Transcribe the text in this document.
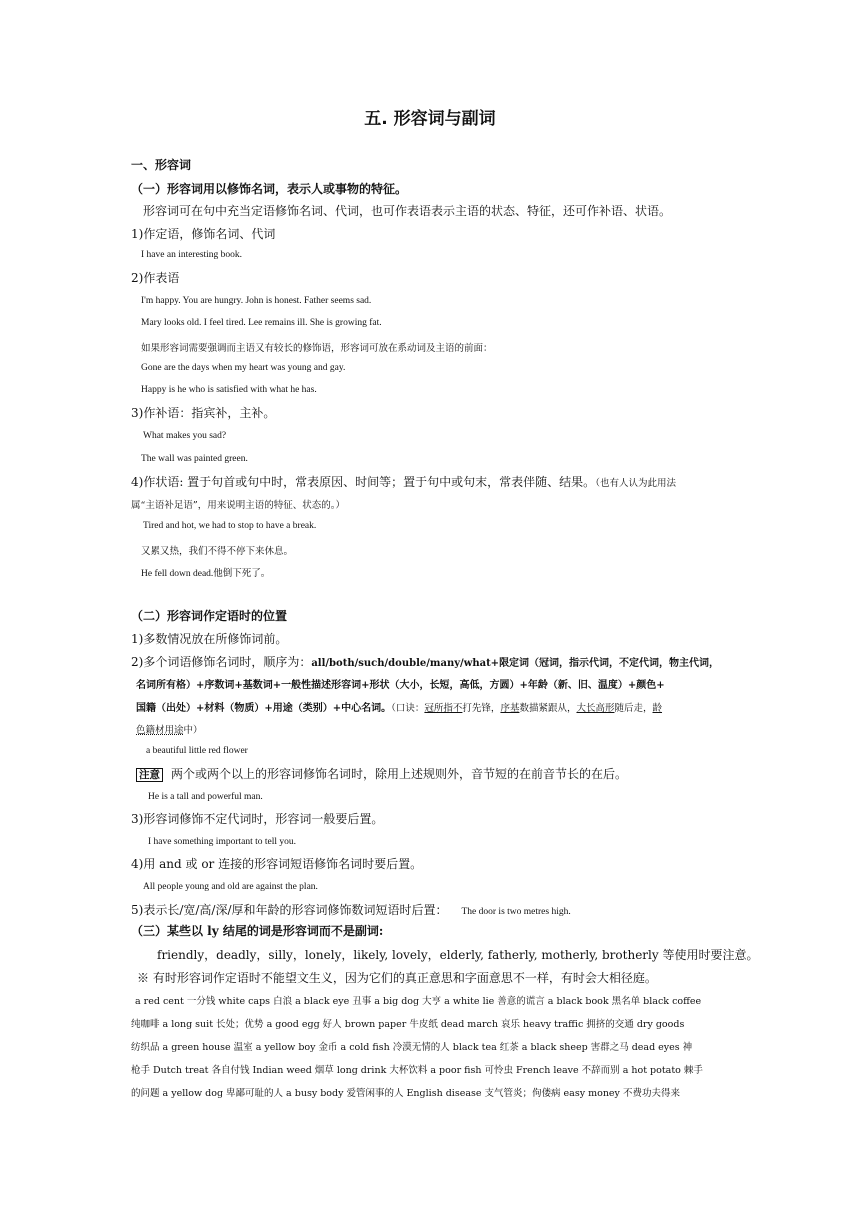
五. 形容词与副词
一、形容词
（一）形容词用以修饰名词，表示人或事物的特征。
形容词可在句中充当定语修饰名词、代词，也可作表语表示主语的状态、特征，还可作补语、状语。
1)作定语，修饰名词、代词
I have an interesting book.
2)作表语
I'm happy. You are hungry. John is honest. Father seems sad.
Mary looks old. I feel tired. Lee remains ill. She is growing fat.
如果形容词需要强调而主语又有较长的修饰语，形容词可放在系动词及主语的前面：
Gone are the days when my heart was young and gay.
Happy is he who is satisfied with what he has.
3)作补语：指宾补，主补。
What makes you sad?
The wall was painted green.
4)作状语: 置于句首或句中时，常表原因、时间等；置于句中或句末，常表伴随、结果。（也有人认为此用法
属“主语补足语”，用来说明主语的特征、状态的。）
Tired and hot, we had to stop to have a break.
又累又热，我们不得不停下来休息。
He fell down dead.他倒下死了。
（二）形容词作定语时的位置
1)多数情况放在所修饰词前。
2)多个词语修饰名词时，顺序为：all/both/such/double/many/what+限定词（冠词，指示代词，不定代词，物主代词，
名词所有格）+序数词+基数词+一般性描述形容词+形状（大小，长短，高低，方圆）+年龄（新、旧、温度）+颜色+
国籍（出处）+材料（物质）+用途（类别）+中心名词。（口诀：冠所指不打先锋，序基数描紧跟从，大长高形随后走，龄
色籍材用途中）
a beautiful little red flower
注意 两个或两个以上的形容词修饰名词时，除用上述规则外，音节短的在前音节长的在后。
He is a tall and powerful man.
3)形容词修饰不定代词时，形容词一般要后置。
I have something important to tell you.
4)用 and 或 or 连接的形容词短语修饰名词时要后置。
All people young and old are against the plan.
5)表示长/宽/高/深/厚和年龄的形容词修饰数词短语时后置： The door is two metres high.
（三）某些以 ly 结尾的词是形容词而不是副词:
friendly，deadly，silly，lonely，likely, lovely，elderly, fatherly, motherly, brotherly 等使用时要注意。
※ 有时形容词作定语时不能望文生义，因为它们的真正意思和字面意思不一样，有时会大相径庭。
a red cent 一分钱 white caps 白浪 a black eye 丑事 a big dog 大亨 a white lie 善意的谎言 a black book 黑名单 black coffee
纯咖啡 a long suit 长处；优势 a good egg 好人 brown paper 牛皮纸 dead march 哀乐 heavy traffic 拥挤的交通 dry goods
纺织品 a green house 温室 a yellow boy 金币 a cold fish 冷漠无情的人 black tea 红茶 a black sheep 害群之马 dead eyes 神
枪手 Dutch treat 各自付钱 Indian weed 烟草 long drink 大杯饮料 a poor fish 可怜虫 French leave 不辞而别 a hot potato 棘手
的问题 a yellow dog 卑鄙可耻的人 a busy body 爱管闲事的人 English disease 支气管炎；佝偻病 easy money 不费功夫得来
